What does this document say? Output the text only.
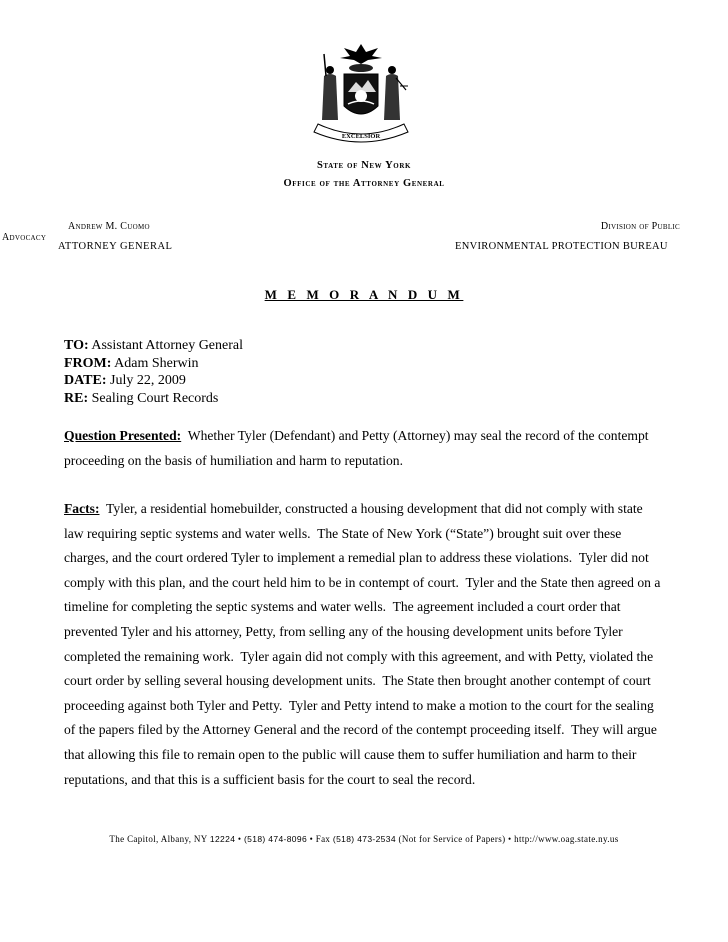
EXCELSIOR
State of New York
Office of the Attorney General
Andrew M. Cuomo	Division of Public
Advocacy
ATTORNEY GENERAL	ENVIRONMENTAL PROTECTION BUREAU
M E M O R A N D U M
TO: Assistant Attorney General
FROM: Adam Sherwin
DATE: July 22, 2009
RE: Sealing Court Records
Question Presented:  Whether Tyler (Defendant) and Petty (Attorney) may seal the record of the contempt proceeding on the basis of humiliation and harm to reputation.
Facts:  Tyler, a residential homebuilder, constructed a housing development that did not comply with state law requiring septic systems and water wells.  The State of New York (“State”) brought suit over these charges, and the court ordered Tyler to implement a remedial plan to address these violations.  Tyler did not comply with this plan, and the court held him to be in contempt of court.  Tyler and the State then agreed on a timeline for completing the septic systems and water wells.  The agreement included a court order that prevented Tyler and his attorney, Petty, from selling any of the housing development units before Tyler completed the remaining work.  Tyler again did not comply with this agreement, and with Petty, violated the court order by selling several housing development units.  The State then brought another contempt of court proceeding against both Tyler and Petty.  Tyler and Petty intend to make a motion to the court for the sealing of the papers filed by the Attorney General and the record of the contempt proceeding itself.  They will argue that allowing this file to remain open to the public will cause them to suffer humiliation and harm to their reputations, and that this is a sufficient basis for the court to seal the record.
The Capitol, Albany, NY 12224 • (518) 474-8096 • Fax (518) 473-2534 (Not for Service of Papers) • http://www.oag.state.ny.us
